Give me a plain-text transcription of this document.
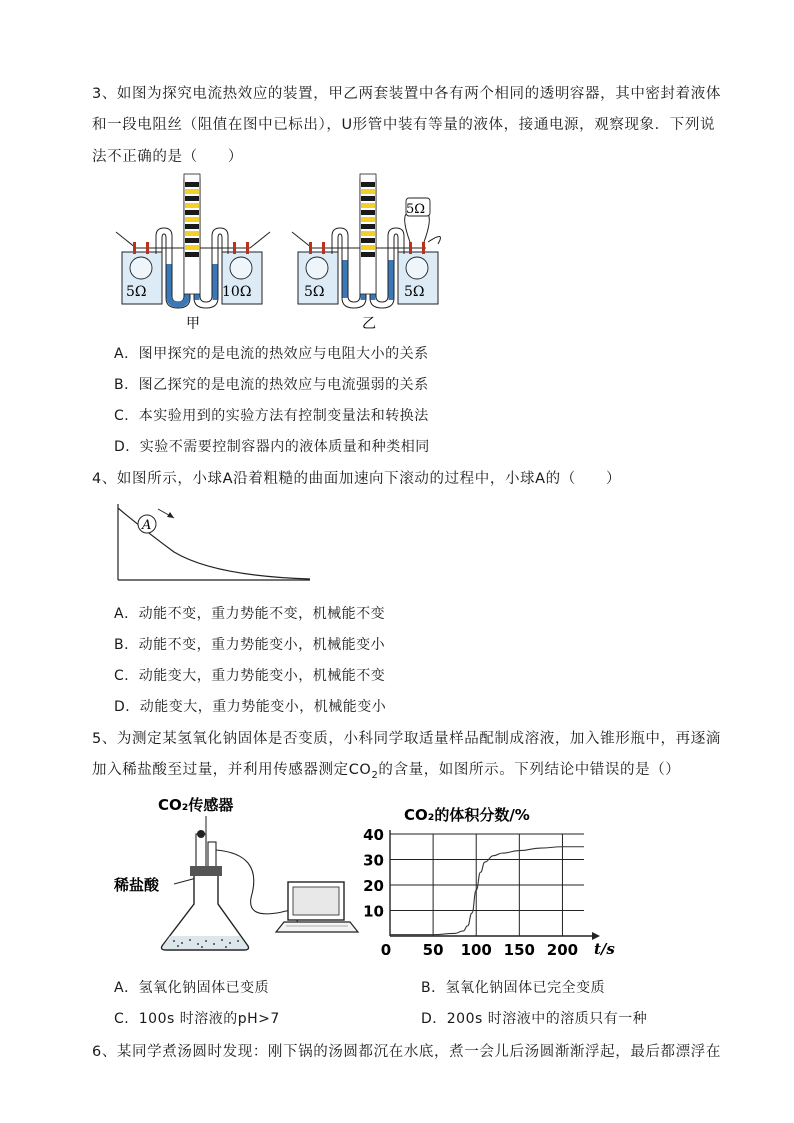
3、如图为探究电流热效应的装置，甲乙两套装置中各有两个相同的透明容器，其中密封着液体
和一段电阻丝（阻值在图中已标出），U形管中装有等量的液体，接通电源，观察现象．下列说
法不正确的是（　　）
5Ω	10Ω
甲
5Ω
5Ω	5Ω
乙
A．图甲探究的是电流的热效应与电阻大小的关系
B．图乙探究的是电流的热效应与电流强弱的关系
C．本实验用到的实验方法有控制变量法和转换法
D．实验不需要控制容器内的液体质量和种类相同
4、如图所示，小球A沿着粗糙的曲面加速向下滚动的过程中，小球A的（　　）
A
A．动能不变，重力势能不变，机械能不变
B．动能不变，重力势能变小，机械能变小
C．动能变大，重力势能变小，机械能不变
D．动能变大，重力势能变小，机械能变小
5、为测定某氢氧化钠固体是否变质，小科同学取适量样品配制成溶液，加入锥形瓶中，再逐滴
加入稀盐酸至过量，并利用传感器测定$CO_2$的含量，如图所示。下列结论中错误的是（）
CO₂传感器
稀盐酸
CO₂的体积分数/%
10
20
30
40
0 50 100 150 200 t/s
A．氢氧化钠固体已变质	B．氢氧化钠固体已完全变质
C．100s 时溶液的pH>7	D．200s 时溶液中的溶质只有一种
6、某同学煮汤圆时发现：刚下锅的汤圆都沉在水底，煮一会儿后汤圆渐渐浮起，最后都漂浮在
